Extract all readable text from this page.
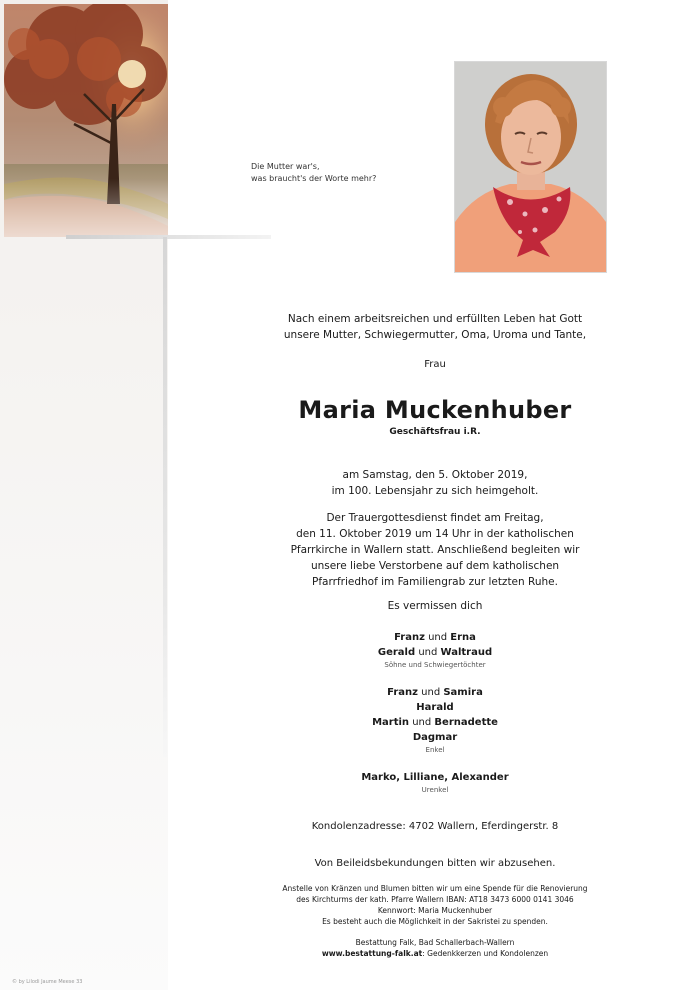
Die Mutter war's,
was braucht's der Worte mehr?
Nach einem arbeitsreichen und erfüllten Leben hat Gott
unsere Mutter, Schwiegermutter, Oma, Uroma und Tante,
Frau
Maria Muckenhuber
Geschäftsfrau i.R.
am Samstag, den 5. Oktober 2019,
im 100. Lebensjahr zu sich heimgeholt.
Der Trauergottesdienst findet am Freitag,
den 11. Oktober 2019 um 14 Uhr in der katholischen
Pfarrkirche in Wallern statt. Anschließend begleiten wir
unsere liebe Verstorbene auf dem katholischen
Pfarrfriedhof im Familiengrab zur letzten Ruhe.
Es vermissen dich
Franz und Erna
Gerald und Waltraud
Söhne und Schwiegertöchter
Franz und Samira
Harald
Martin und Bernadette
Dagmar
Enkel
Marko, Lilliane, Alexander
Urenkel
Kondolenzadresse: 4702 Wallern, Eferdingerstr. 8
Von Beileidsbekundungen bitten wir abzusehen.
Anstelle von Kränzen und Blumen bitten wir um eine Spende für die Renovierung
des Kirchturms der kath. Pfarre Wallern IBAN: AT18 3473 6000 0141 3046
Kennwort: Maria Muckenhuber
Es besteht auch die Möglichkeit in der Sakristei zu spenden.
Bestattung Falk, Bad Schallerbach-Wallern
www.bestattung-falk.at: Gedenkkerzen und Kondolenzen
© by Lilodi Jaume Meese 33
